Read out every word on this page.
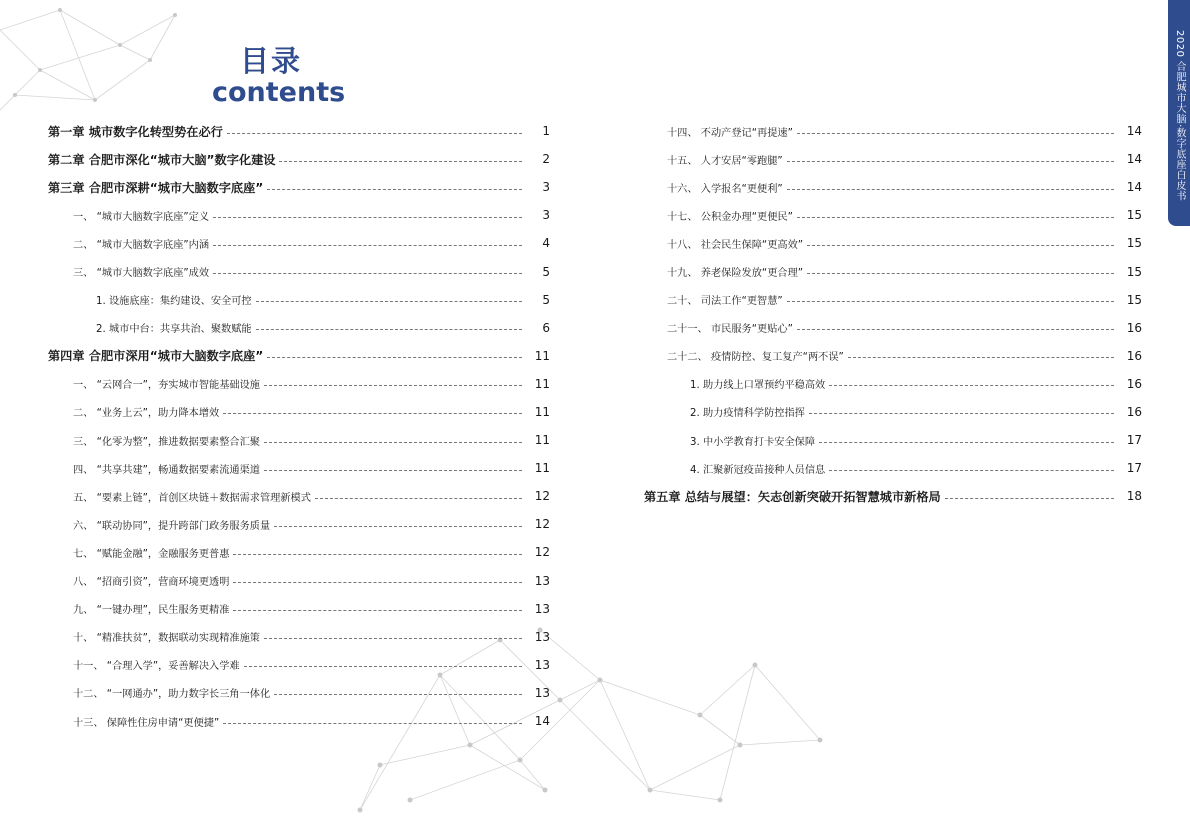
目录
contents
第一章 城市数字化转型势在必行	1
第二章 合肥市深化“城市大脑”数字化建设	2
第三章 合肥市深耕“城市大脑数字底座”	3
一、 “城市大脑数字底座”定义	3
二、 “城市大脑数字底座”内涵	4
三、 “城市大脑数字底座”成效	5
1. 设施底座：集约建设、安全可控	5
2. 城市中台：共享共治、聚数赋能	6
第四章 合肥市深用“城市大脑数字底座”	11
一、 “云网合一”，夯实城市智能基础设施	11
二、 “业务上云”，助力降本增效	11
三、 “化零为整”，推进数据要素整合汇聚	11
四、 “共享共建”，畅通数据要素流通渠道	11
五、 “要素上链”，首创区块链＋数据需求管理新模式	12
六、 “联动协同”，提升跨部门政务服务质量	12
七、 “赋能金融”，金融服务更普惠	12
八、 “招商引资”，营商环境更透明	13
九、 “一键办理”，民生服务更精准	13
十、 “精准扶贫”，数据联动实现精准施策	13
十一、 “合理入学”，妥善解决入学难	13
十二、 “一网通办”，助力数字长三角一体化	13
十三、 保障性住房申请“更便捷”	14
十四、 不动产登记“再提速”	14
十五、 人才安居“零跑腿”	14
十六、 入学报名“更便利”	14
十七、 公积金办理“更便民”	15
十八、 社会民生保障“更高效”	15
十九、 养老保险发放“更合理”	15
二十、 司法工作“更智慧”	15
二十一、 市民服务“更贴心”	16
二十二、 疫情防控、复工复产“两不误”	16
1. 助力线上口罩预约平稳高效	16
2. 助力疫情科学防控指挥	16
3. 中小学教育打卡安全保障	17
4. 汇聚新冠疫苗接种人员信息	17
第五章 总结与展望：矢志创新突破开拓智慧城市新格局	18
2020 合肥城市大脑·数字底座白皮书
